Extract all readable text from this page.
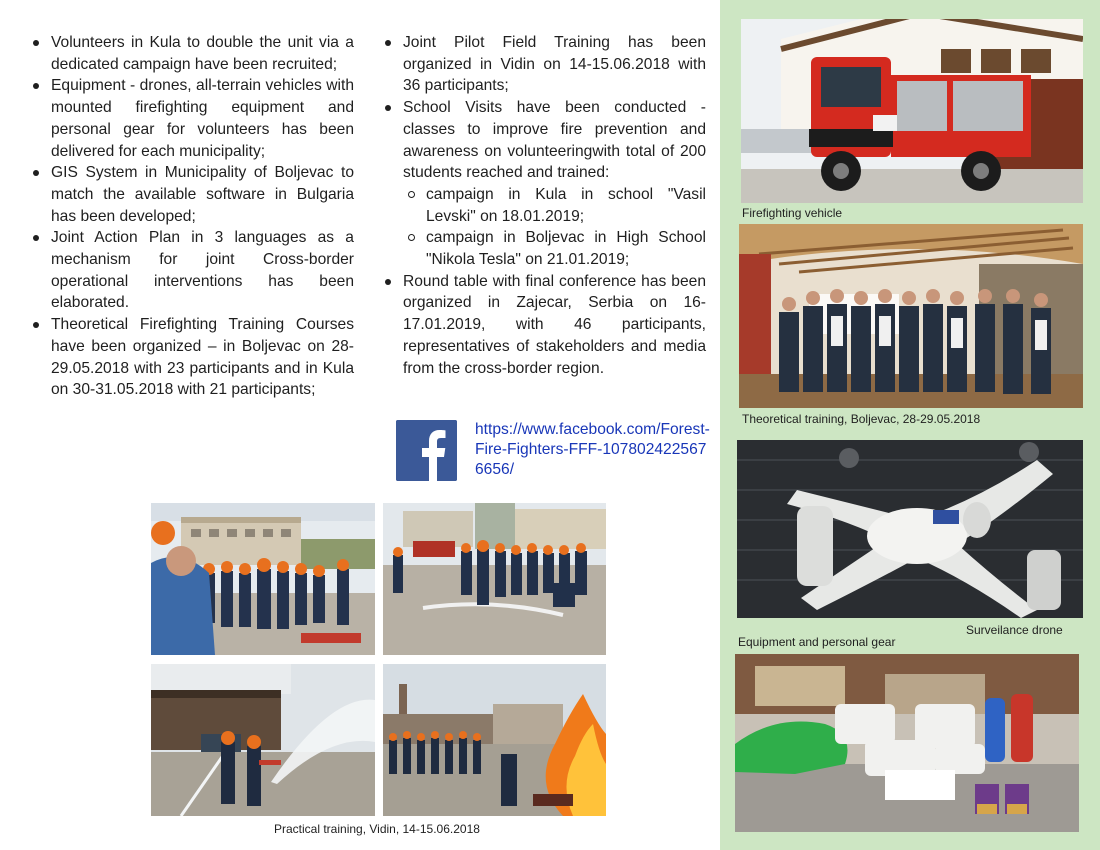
Volunteers in Kula to double the unit via a dedicated campaign have been recruited;
Equipment - drones, all-terrain vehicles with mounted firefighting equipment and personal gear for volunteers has been delivered for each municipality;
GIS System in Municipality of Boljevac to match the available software in Bulgaria has been developed;
Joint Action Plan in 3 languages as a mechanism for joint Cross-border operational interventions has been elaborated.
Theoretical Firefighting Training Courses have been organized – in Boljevac on 28-29.05.2018 with 23 participants and in Kula on 30-31.05.2018 with 21 participants;
Joint Pilot Field Training has been organized in Vidin on 14-15.06.2018 with 36 participants;
School Visits have been conducted - classes to improve fire prevention and awareness on volunteeringwith total of 200 students reached and trained:
campaign in Kula in school "Vasil Levski" on 18.01.2019;
campaign in Boljevac in High School "Nikola Tesla" on 21.01.2019;
Round table with final conference has been organized in Zajecar, Serbia on 16-17.01.2019, with 46 participants, representatives of stakeholders and media from the cross-border region.
https://www.facebook.com/Forest-Fire-Fighters-FFF-1078024225676656/
Practical training, Vidin, 14-15.06.2018
Firefighting vehicle
Theoretical training, Boljevac, 28-29.05.2018
Surveilance drone
Equipment and personal gear
